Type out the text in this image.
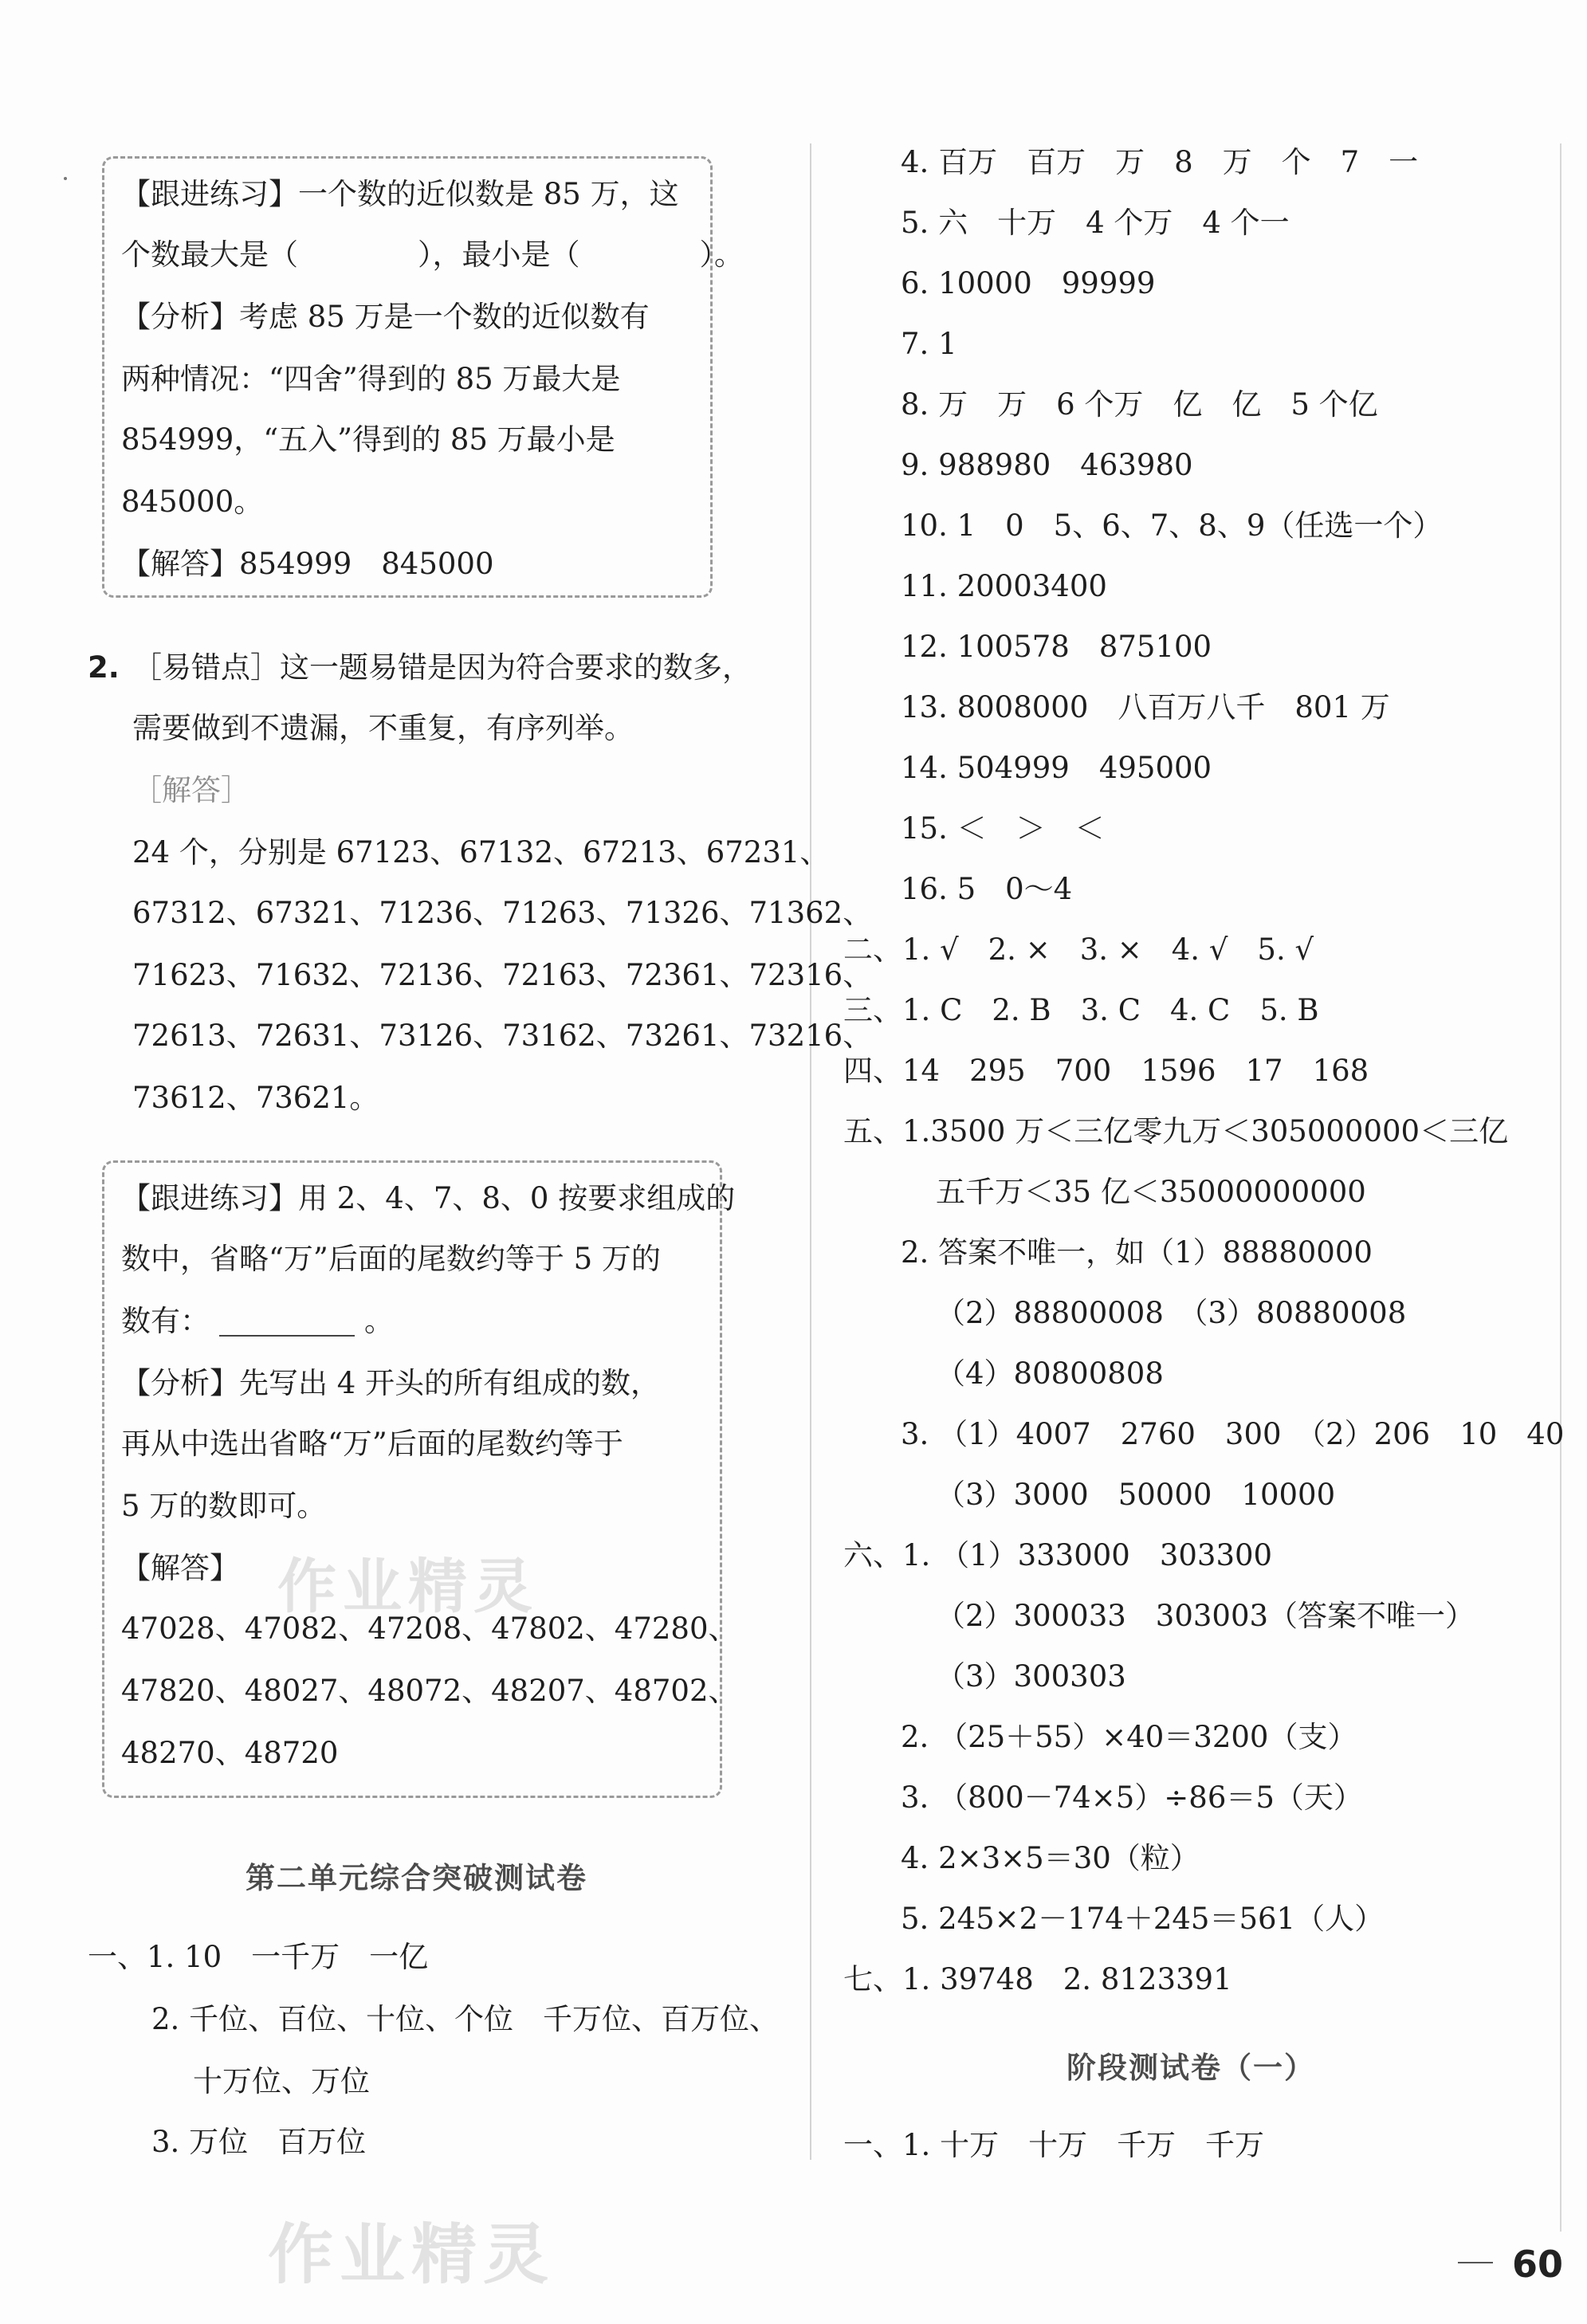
【跟进练习】一个数的近似数是 85 万，这
个数最大是（	），最小是（	）。
【分析】考虑 85 万是一个数的近似数有
两种情况：“四舍”得到的 85 万最大是
854999，“五入”得到的 85 万最小是
845000。
【解答】854999　845000
2. ［易错点］这一题易错是因为符合要求的数多，
需要做到不遗漏，不重复，有序列举。
［解答］
24 个，分别是 67123、67132、67213、67231、
67312、67321、71236、71263、71326、71362、
71623、71632、72136、72163、72361、72316、
72613、72631、73126、73162、73261、73216、
73612、73621。
【跟进练习】用 2、4、7、8、0 按要求组成的
数中，省略“万”后面的尾数约等于 5 万的
数有：	。
【分析】先写出 4 开头的所有组成的数，
再从中选出省略“万”后面的尾数约等于
5 万的数即可。
【解答】
47028、47082、47208、47802、47280、
47820、48027、48072、48207、48702、
48270、48720
第二单元综合突破测试卷
一、1. 10　一千万　一亿
2. 千位、百位、十位、个位　千万位、百万位、
十万位、万位
3. 万位　百万位
4. 百万　百万　万　8　万　个　7　一
5. 六　十万　4 个万　4 个一
6. 10000　99999
7. 1
8. 万　万　6 个万　亿　亿　5 个亿
9. 988980　463980
10. 1　0　5、6、7、8、9（任选一个）
11. 20003400
12. 100578　875100
13. 8008000　八百万八千　801 万
14. 504999　495000
15. ＜　＞　＜
16. 5　0～4
二、1. √　2. ×　3. ×　4. √　5. √
三、1. C　2. B　3. C　4. C　5. B
四、14　295　700　1596　17　168
五、1.3500 万＜三亿零九万＜305000000＜三亿
五千万＜35 亿＜35000000000
2. 答案不唯一，如（1）88880000
（2）88800008　（3）80880008
（4）80800808
3. （1）4007　2760　300　（2）206　10　40
（3）3000　50000　10000
六、1. （1）333000　303300
（2）300033　303003（答案不唯一）
（3）300303
2. （25＋55）×40＝3200（支）
3. （800－74×5）÷86＝5（天）
4. 2×3×5＝30（粒）
5. 245×2－174＋245＝561（人）
七、1. 39748　2. 8123391
阶段测试卷（一）
一、1. 十万　十万　千万　千万
作业精灵
作业精灵	60
